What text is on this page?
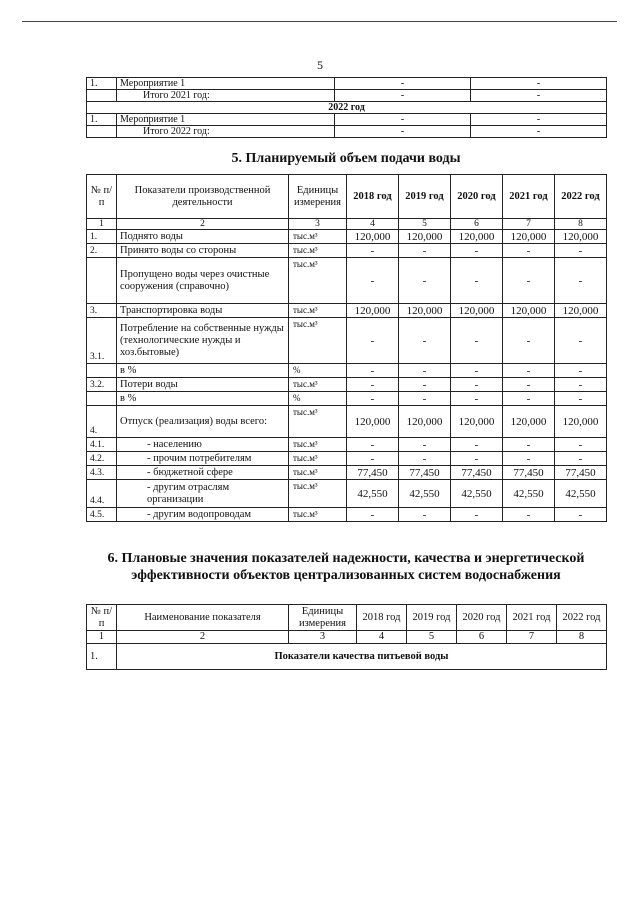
5
1.	Мероприятие 1	-	-
	Итого 2021 год:	-	-
2022 год			
1.	Мероприятие 1	-	-
	Итого 2022 год:	-	-
5. Планируемый объем подачи воды
№ п/п	Показатели производственной деятельности	Единицы измерения	2018 год	2019 год	2020 год	2021 год	2022 год
1	2	3	4	5	6	7	8
1.	Поднято воды	тыс.м³	120,000	120,000	120,000	120,000	120,000
2.	Принято воды со стороны	тыс.м³	-	-	-	-	-
	Пропущено воды через очистные сооружения (справочно)	тыс.м³	-	-	-	-	-
3.	Транспортировка воды	тыс.м³	120,000	120,000	120,000	120,000	120,000
3.1.	Потребление на собственные нужды (технологические нужды и хоз.бытовые)	тыс.м³	-	-	-	-	-
	в %	%	-	-	-	-	-
3.2.	Потери воды	тыс.м³	-	-	-	-	-
	в %	%	-	-	-	-	-
4.	Отпуск (реализация) воды всего:	тыс.м³	120,000	120,000	120,000	120,000	120,000
4.1.	- населению	тыс.м³	-	-	-	-	-
4.2.	- прочим потребителям	тыс.м³	-	-	-	-	-
4.3.	- бюджетной сфере	тыс.м³	77,450	77,450	77,450	77,450	77,450
4.4.	- другим отраслям организации	тыс.м³	42,550	42,550	42,550	42,550	42,550
4.5.	- другим водопроводам	тыс.м³	-	-	-	-	-
6. Плановые значения показателей надежности, качества и энергетической эффективности объектов централизованных систем водоснабжения
№ п/п	Наименование показателя	Единицы измерения	2018 год	2019 год	2020 год	2021 год	2022 год
1	2	3	4	5	6	7	8
1.	Показатели качества питьевой воды						
